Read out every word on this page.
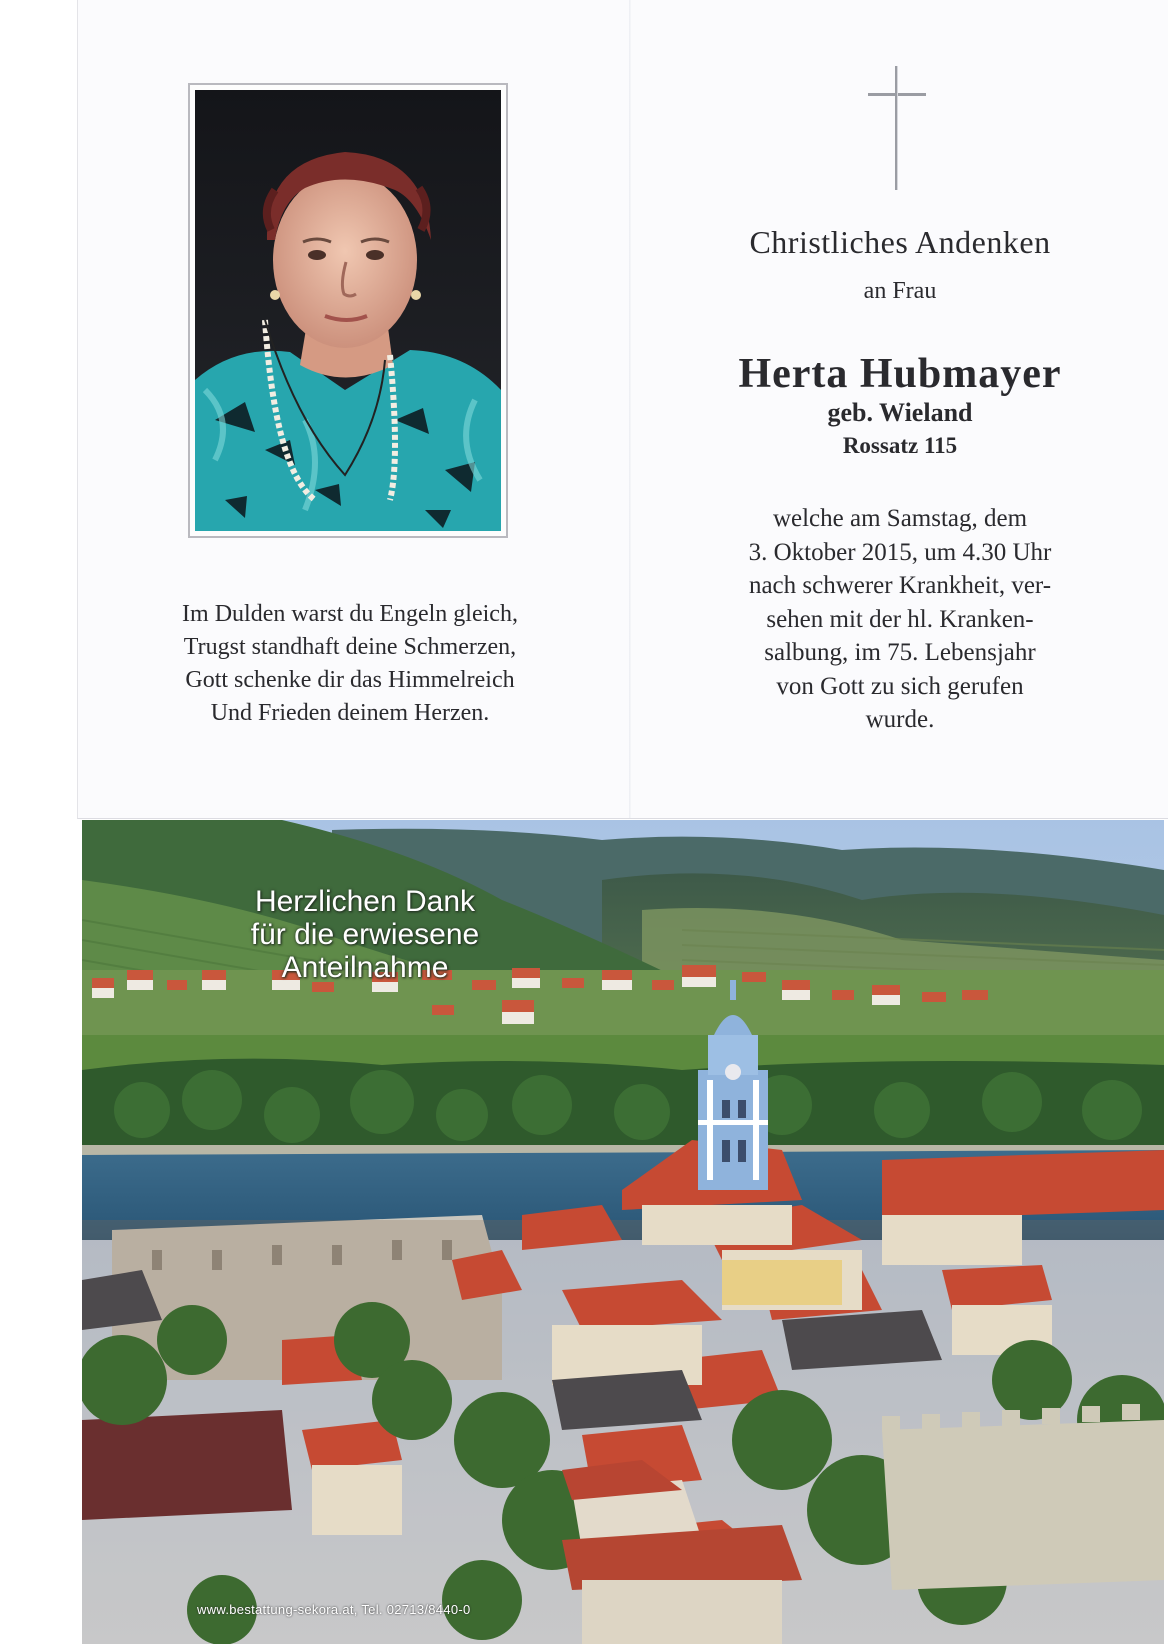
Im Dulden warst du Engeln gleich,
Trugst standhaft deine Schmerzen,
Gott schenke dir das Himmelreich
Und Frieden deinem Herzen.
Christliches Andenken
an Frau
Herta Hubmayer
geb. Wieland
Rossatz 115
welche am Samstag, dem
3. Oktober 2015, um 4.30 Uhr
nach schwerer Krankheit, ver-
sehen mit der hl. Kranken-
salbung, im 75. Lebensjahr
von Gott zu sich gerufen
wurde.
Herzlichen Dank
für die erwiesene
Anteilnahme
www.bestattung-sekora.at, Tel. 02713/8440-0
